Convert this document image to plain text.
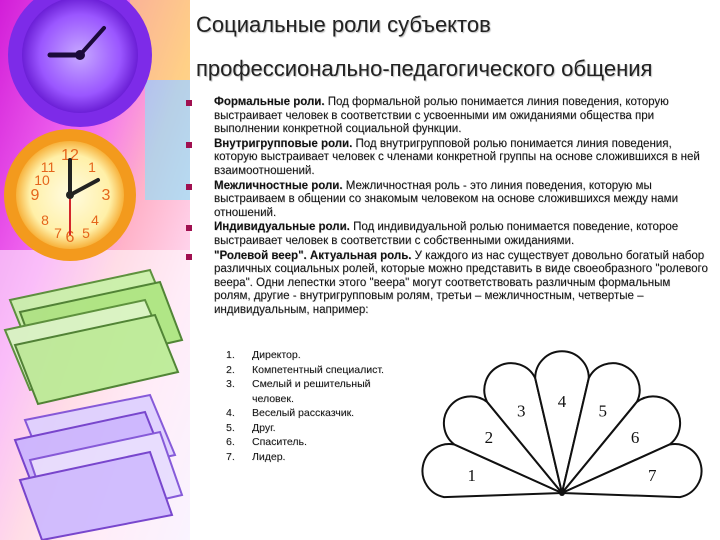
12
3
6
9
1
11
10
4
8
7 5
Социальные роли субъектов
профессионально-педагогического общения
Формальные роли. Под формальной ролью понимается линия поведения, которую выстраивает человек в соответствии с усвоенными им ожиданиями общества при выполнении конкретной социальной функции.
Внутригрупповые роли. Под внутригрупповой ролью понимается линия поведения, которую выстраивает человек с членами конкретной группы на основе сложившихся в ней взаимоотношений.
Межличностные роли. Межличностная роль - это линия поведения, которую мы выстраиваем в общении со знакомым человеком на основе сложившихся между нами отношений.
Индивидуальные роли. Под индивидуальной ролью понимается поведение, которое выстраивает человек в соответствии с собственными ожиданиями.
"Ролевой веер". Актуальная роль. У каждого из нас существует довольно богатый набор различных социальных ролей, которые можно представить в виде своеобразного "ролевого веера". Одни лепестки этого "веера" могут соответствовать различным формальным ролям, другие - внутригрупповым ролям, третьи – межличностным, четвертые – индивидуальным, например:
1. Директор.
2. Компетентный специалист.
3. Смелый и решительный человек.
4. Веселый рассказчик.
5. Друг.
6. Спаситель.
7. Лидер.
1
2
3 4 5
6
7
